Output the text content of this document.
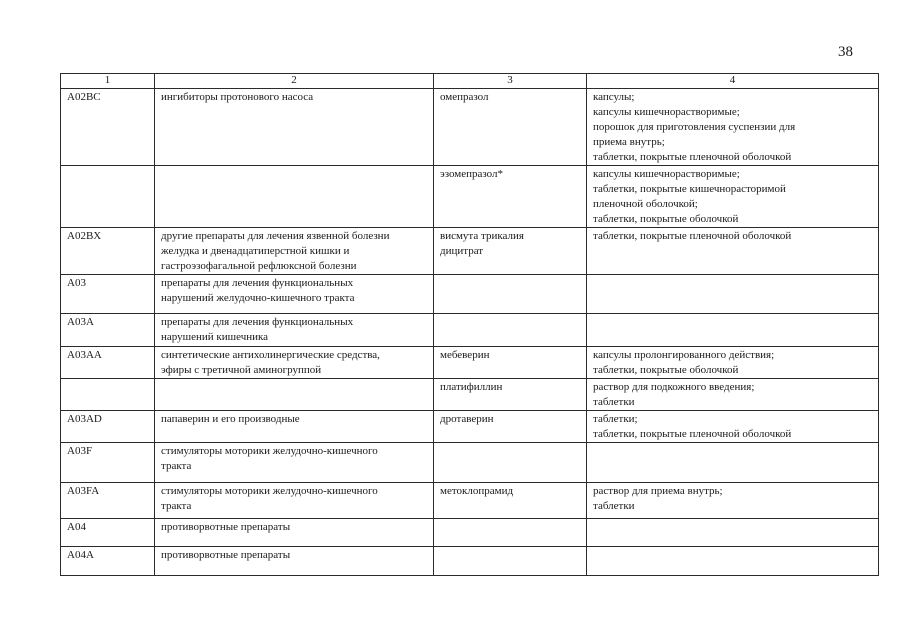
38
1	2	3	4
A02BC	ингибиторы протонового насоса	омепразол	капсулы;
капсулы кишечнорастворимые;
порошок для приготовления суспензии для
приема внутрь;
таблетки, покрытые пленочной оболочкой

		эзомепразол*	капсулы кишечнорастворимые;
таблетки, покрытые кишечнорасторимой
пленочной оболочкой;
таблетки, покрытые оболочкой

A02BX	другие препараты для лечения язвенной болезни
желудка и двенадцатиперстной кишки и
гастроэзофагальной рефлюксной болезни	висмута трикалия
дицитрат	таблетки, покрытые пленочной оболочкой

A03	препараты для лечения функциональных
нарушений желудочно-кишечного тракта		

A03A	препараты для лечения функциональных
нарушений кишечника		

A03AA	синтетические антихолинергические средства,
эфиры с третичной аминогруппой	мебеверин	капсулы пролонгированного действия;
таблетки, покрытые оболочкой

		платифиллин	раствор для подкожного введения;
таблетки

A03AD	папаверин и его производные	дротаверин	таблетки;
таблетки, покрытые пленочной оболочкой

A03F	стимуляторы моторики желудочно-кишечного
тракта		

A03FA	стимуляторы моторики желудочно-кишечного
тракта	метоклопрамид	раствор для приема внутрь;
таблетки

A04	противорвотные препараты		

A04A	противорвотные препараты		
